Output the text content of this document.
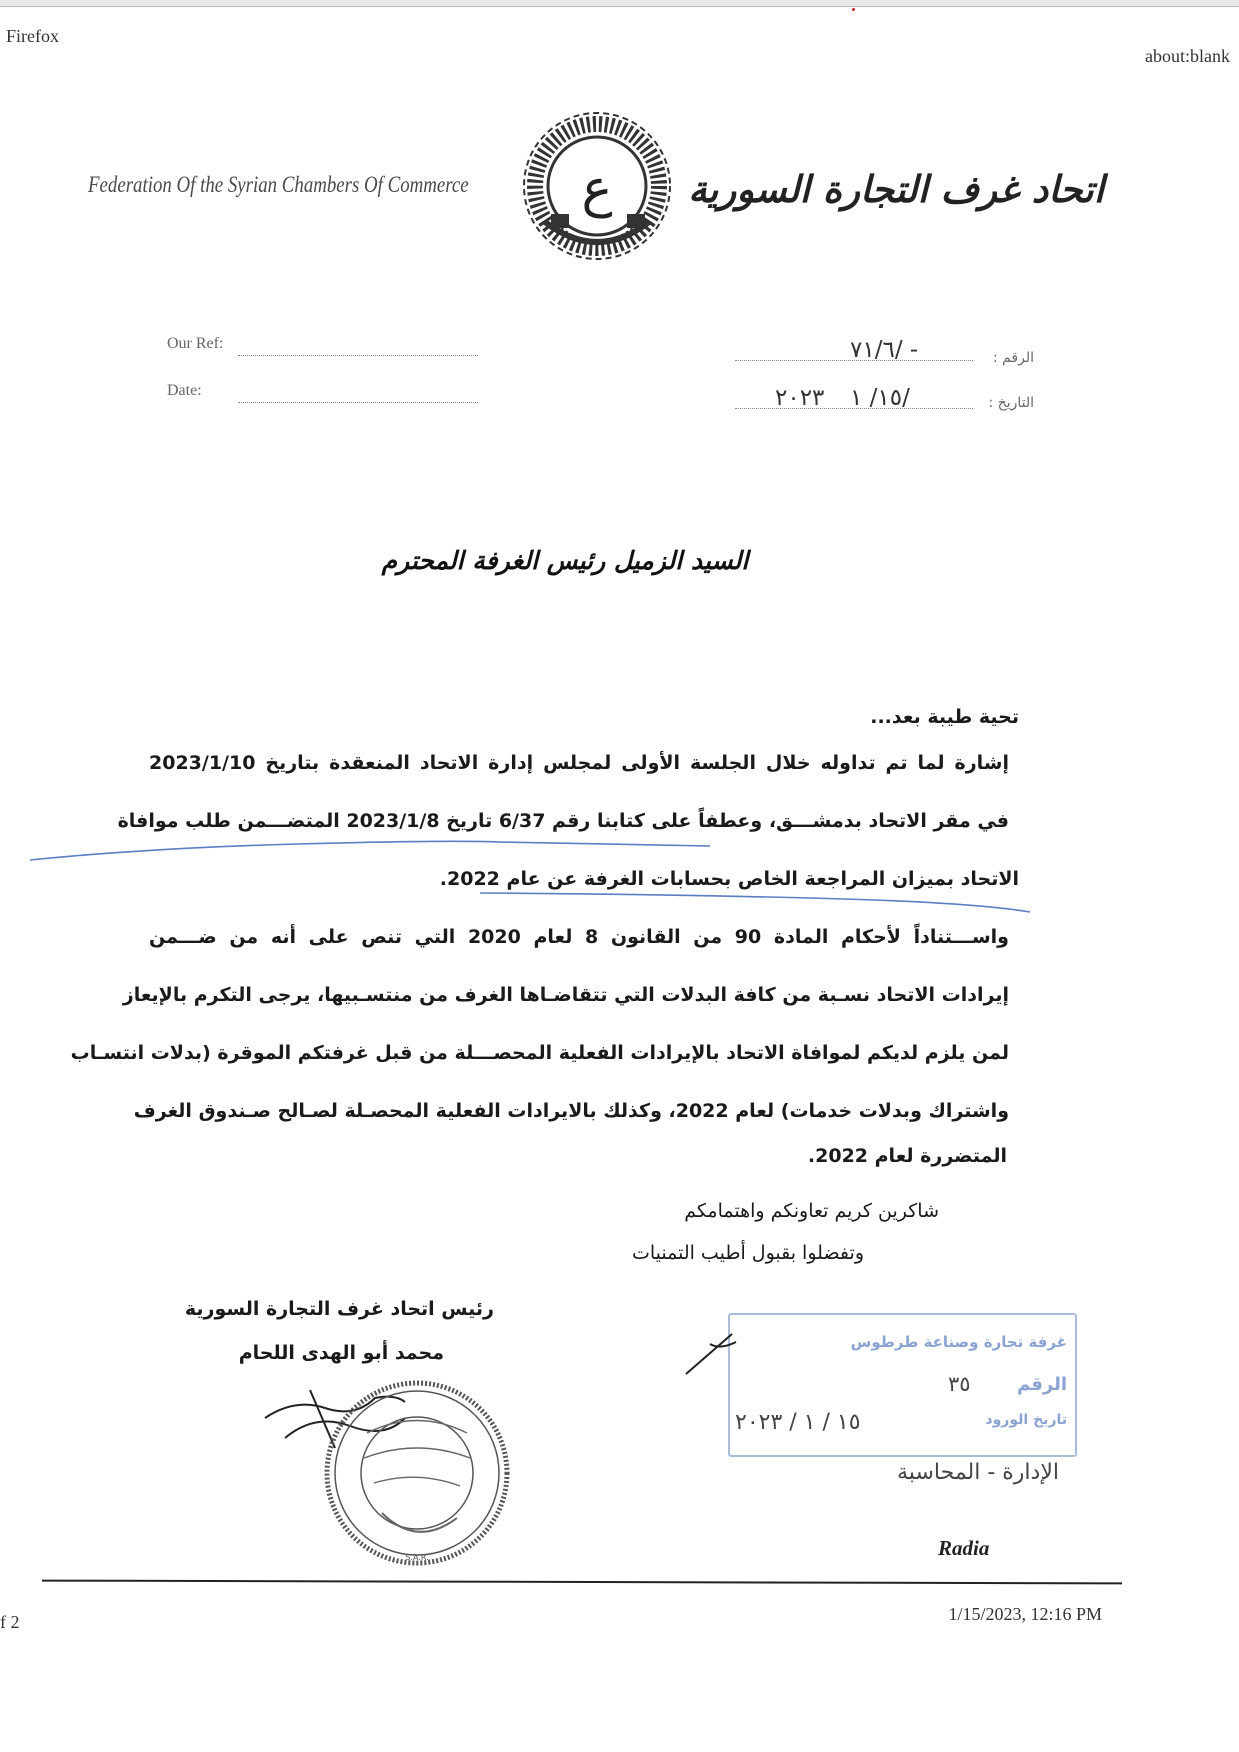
Firefox
about:blank
Federation Of the Syrian Chambers Of Commerce ع اتحاد غرف التجارة السورية
Our Ref:
Date:
الرقم :
٧١/٦/ -
التاريخ :
١٥/ ١/
٢٠٢٣
السيد الزميل رئيس الغرفة المحترم
تحية طيبة بعد...
إشارة لما تم تداوله خلال الجلسة الأولى لمجلس إدارة الاتحاد المنعقدة بتاريخ 2023/1/10
في مقر الاتحاد بدمشـــق، وعطفاً على كتابنا رقم 6/37 تاريخ 2023/1/8 المتضـــمن طلب موافاة
الاتحاد بميزان المراجعة الخاص بحسابات الغرفة عن عام 2022.
واســـتناداً لأحكام المادة 90 من القانون 8 لعام 2020 التي تنص على أنه من ضـــمن
إيرادات الاتحاد نسـبة من كافة البدلات التي تتقاضـاها الغرف من منتسـبيها، يرجى التكرم بالإيعاز
لمن يلزم لديكم لموافاة الاتحاد بالإيرادات الفعلية المحصـــلة من قبل غرفتكم الموقرة (بدلات انتسـاب
واشتراك وبدلات خدمات) لعام 2022، وكذلك بالايرادات الفعلية المحصـلة لصـالح صـندوق الغرف
المتضررة لعام 2022.
شاكرين كريم تعاونكم واهتمامكم
وتفضلوا بقبول أطيب التمنيات
رئيس اتحاد غرف التجارة السورية
محمد أبو الهدى اللحام
S.A.R.
غرفة تجارة وصناعة طرطوس
الرقم
٣٥
تاريخ الورود
١٥ / ١ / ٢٠٢٣
الإدارة - المحاسبة
Radia
f 2	1/15/2023, 12:16 PM
